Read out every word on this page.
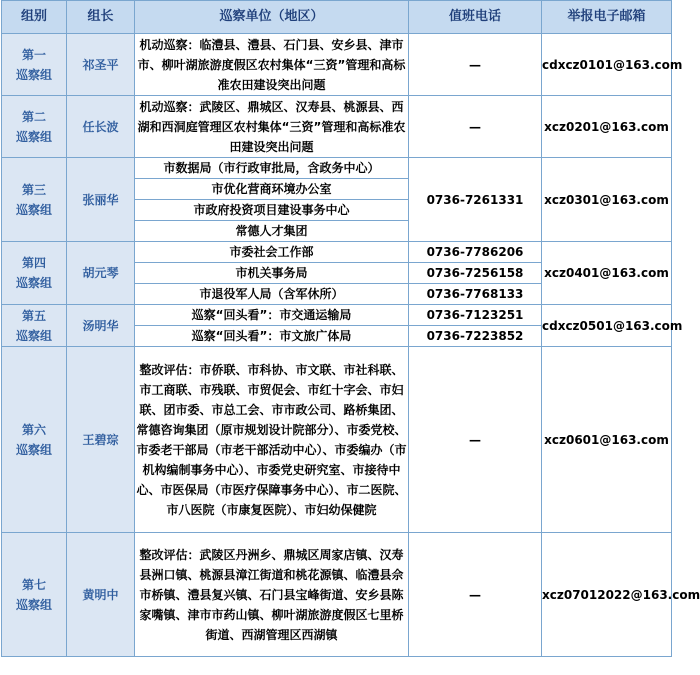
组别	组长	巡察单位（地区）	值班电话	举报电子邮箱
第一
巡察组	祁圣平	机动巡察：临澧县、澧县、石门县、安乡县、津市市、柳叶湖旅游度假区农村集体“三资”管理和高标准农田建设突出问题	—	cdxcz0101@163.com
第二
巡察组	任长波	机动巡察：武陵区、鼎城区、汉寿县、桃源县、西湖和西洞庭管理区农村集体“三资”管理和高标准农田建设突出问题	—	xcz0201@163.com
第三
巡察组	张丽华	市数据局（市行政审批局，含政务中心）	0736-7261331	xcz0301@163.com
		市优化营商环境办公室		
		市政府投资项目建设事务中心		
		常德人才集团		
第四
巡察组	胡元琴	市委社会工作部	0736-7786206	xcz0401@163.com
		市机关事务局	0736-7256158	
		市退役军人局（含军休所）	0736-7768133	
第五
巡察组	汤明华	巡察“回头看”：市交通运输局	0736-7123251	cdxcz0501@163.com
		巡察“回头看”：市文旅广体局	0736-7223852	
第六
巡察组	王碧琮	整改评估：市侨联、市科协、市文联、市社科联、市工商联、市残联、市贸促会、市红十字会、市妇联、团市委、市总工会、市市政公司、路桥集团、常德咨询集团（原市规划设计院部分）、市委党校、市委老干部局（市老干部活动中心）、市委编办（市机构编制事务中心）、市委党史研究室、市接待中心、市医保局（市医疗保障事务中心）、市二医院、市八医院（市康复医院）、市妇幼保健院	—	xcz0601@163.com
第七
巡察组	黄明中	整改评估：武陵区丹洲乡、鼎城区周家店镇、汉寿县洲口镇、桃源县漳江街道和桃花源镇、临澧县佘市桥镇、澧县复兴镇、石门县宝峰街道、安乡县陈家嘴镇、津市市药山镇、柳叶湖旅游度假区七里桥街道、西湖管理区西湖镇	—	xcz07012022@163.com
